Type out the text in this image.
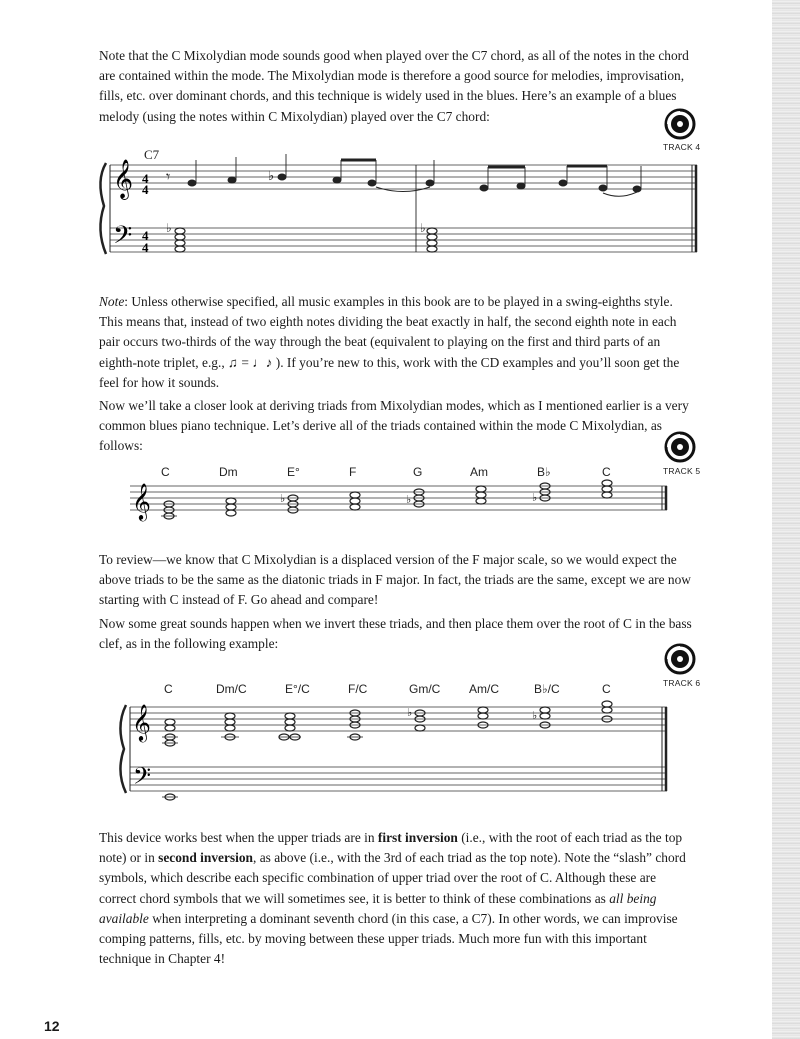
Note that the C Mixolydian mode sounds good when played over the C7 chord, as all of the notes in the chord are contained within the mode. The Mixolydian mode is therefore a good source for melodies, improvisation, fills, etc. over dominant chords, and this technique is widely used in the blues. Here’s an example of a blues melody (using the notes within C Mixolydian) played over the C7 chord:

TRACK 4
TRACK 5
TRACK 6
C7
𝄞
𝄢
4
4
4
4
𝄾	♭
♭	♭

Note: Unless otherwise specified, all music examples in this book are to be played in a swing-eighths style. This means that, instead of two eighth notes dividing the beat exactly in half, the second eighth note in each pair occurs two-thirds of the way through the beat (equivalent to playing on the first and third parts of an eighth-note triplet, e.g., ♫ = ♩♪ ). If you’re new to this, work with the CD examples and you’ll soon get the feel for how it sounds.

Now we’ll take a closer look at deriving triads from Mixolydian modes, which as I mentioned earlier is a very common blues piano technique. Let’s derive all of the triads contained within the mode C Mixolydian, as follows:

C	Dm	E°	F	G	Am	B♭	C
𝄞	♭	♭	♭

To review—we know that C Mixolydian is a displaced version of the F major scale, so we would expect the above triads to be the same as the diatonic triads in F major. In fact, the triads are the same, except we are now starting with C instead of F. Go ahead and compare!

Now some great sounds happen when we invert these triads, and then place them over the root of C in the bass clef, as in the following example:

C	Dm/C	E°/C	F/C	Gm/C Am/C	B♭/C	C
𝄞
𝄢
♭	♭

This device works best when the upper triads are in first inversion (i.e., with the root of each triad as the top note) or in second inversion, as above (i.e., with the 3rd of each triad as the top note). Note the “slash” chord symbols, which describe each specific combination of upper triad over the root of C. Although these are correct chord symbols that we will sometimes see, it is better to think of these combinations as all being available when interpreting a dominant seventh chord (in this case, a C7). In other words, we can improvise comping patterns, fills, etc. by moving between these upper triads. Much more fun with this important technique in Chapter 4!

12
